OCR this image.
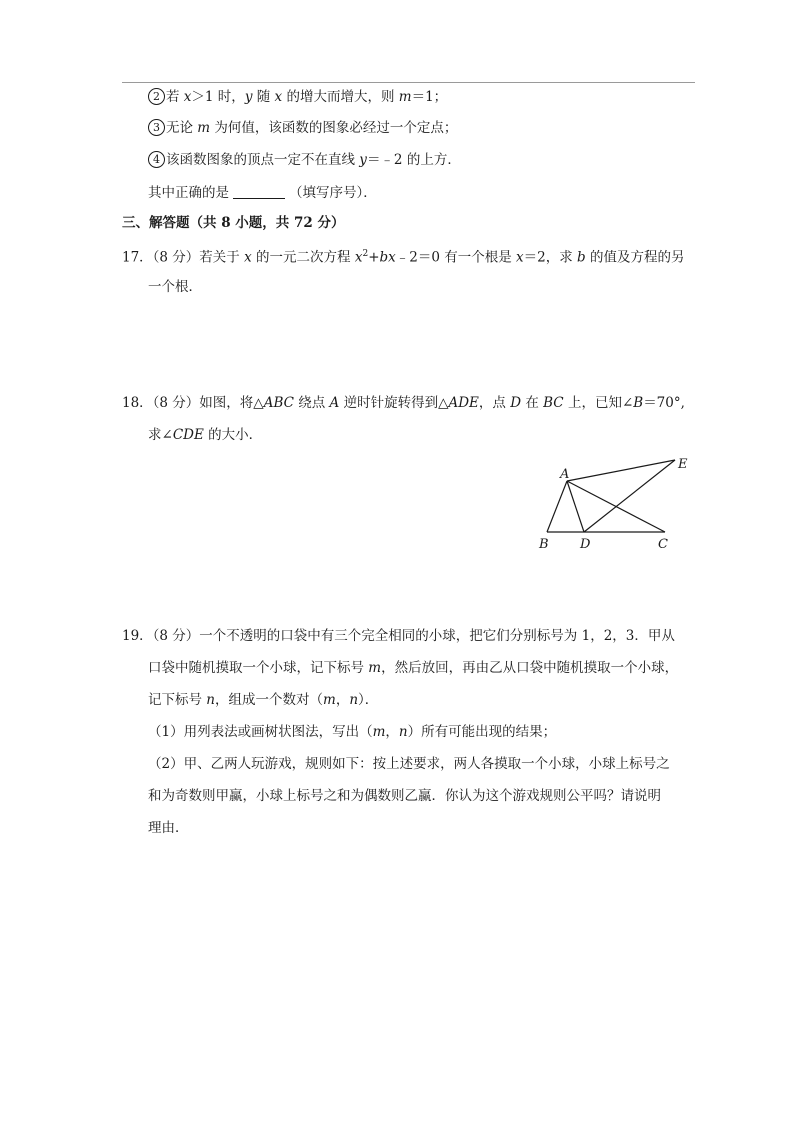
2 若 x＞1 时，y 随 x 的增大而增大，则 m＝1；
3 无论 m 为何值，该函数的图象必经过一个定点；
4 该函数图象的顶点一定不在直线 y＝﹣2 的上方．
其中正确的是	（填写序号）．
三、解答题（共 8 小题，共 72 分）
17．（8 分）若关于 x 的一元二次方程 $x^2+bx﹣2=0$ 有一个根是 x＝2，求 b 的值及方程的另
一个根．
18．（8 分）如图，将△ABC 绕点 A 逆时针旋转得到△ADE，点 D 在 BC 上，已知∠B＝70°,
求∠CDE 的大小．
A
E
B D	C
19．（8 分）一个不透明的口袋中有三个完全相同的小球，把它们分别标号为 1，2，3．甲从
口袋中随机摸取一个小球，记下标号 m，然后放回，再由乙从口袋中随机摸取一个小球，
记下标号 n，组成一个数对（m，n）．
（1）用列表法或画树状图法，写出（m，n）所有可能出现的结果；
（2）甲、乙两人玩游戏，规则如下：按上述要求，两人各摸取一个小球，小球上标号之
和为奇数则甲赢，小球上标号之和为偶数则乙赢．你认为这个游戏规则公平吗？请说明
理由．
